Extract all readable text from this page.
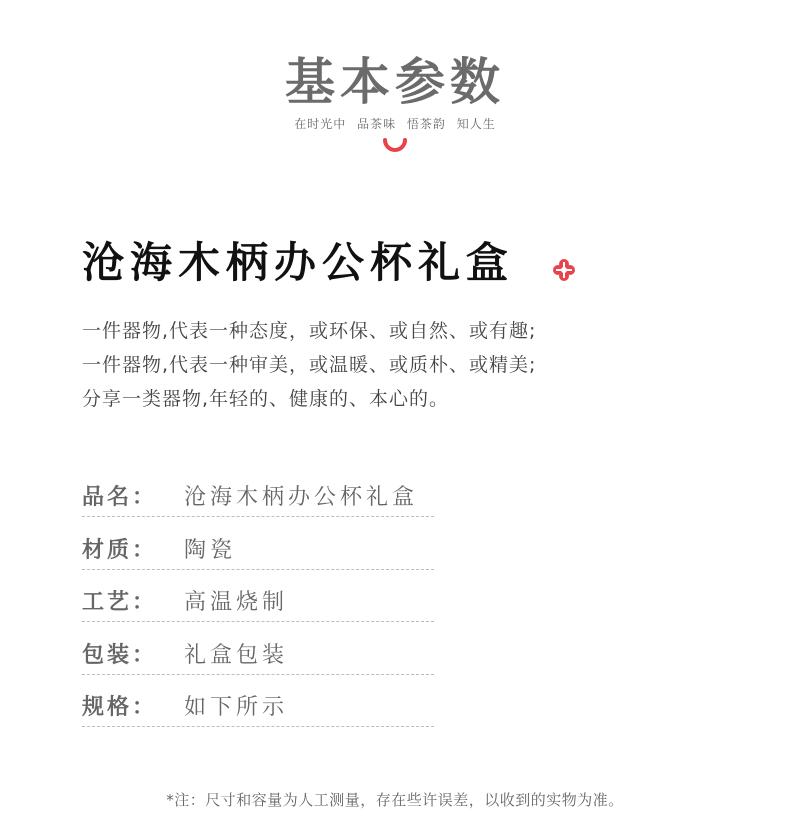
基本参数
在时光中 品茶味 悟茶韵 知人生
沧海木柄办公杯礼盒
一件器物,代表一种态度，或环保、或自然、或有趣;
一件器物,代表一种审美，或温暖、或质朴、或精美;
分享一类器物,年轻的、健康的、本心的。
品名： 沧海木柄办公杯礼盒
材质： 陶瓷
工艺： 高温烧制
包装： 礼盒包装
规格： 如下所示
*注：尺寸和容量为人工测量，存在些许误差，以收到的实物为准。
